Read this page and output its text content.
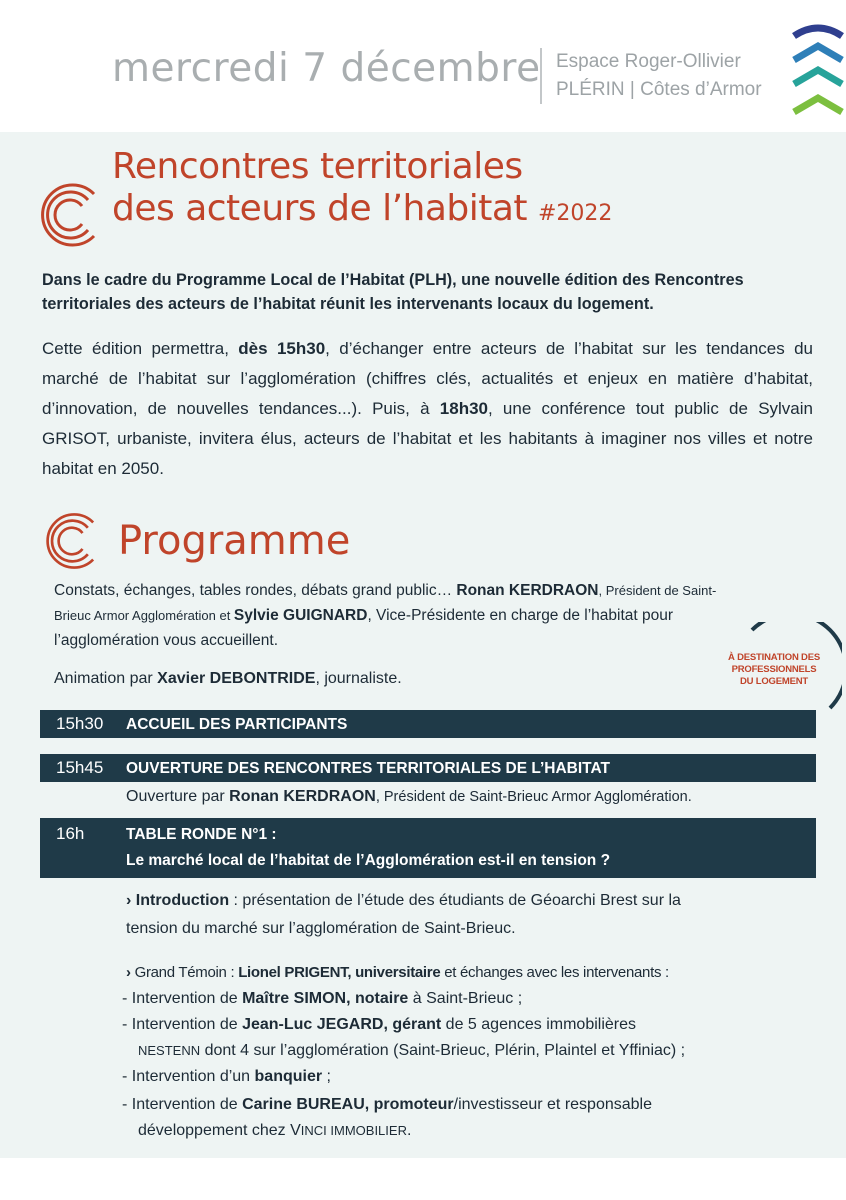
mercredi 7 décembre Espace Roger-Ollivier
PLÉRIN | Côtes d’Armor
Rencontres territoriales
des acteurs de l’habitat #2022
Dans le cadre du Programme Local de l’Habitat (PLH), une nouvelle édition des Rencontres territoriales des acteurs de l’habitat réunit les intervenants locaux du logement.
Cette édition permettra, dès 15h30, d’échanger entre acteurs de l’habitat sur les tendances du marché de l’habitat sur l’agglomération (chiffres clés, actualités et enjeux en matière d’habitat, d’innovation, de nouvelles tendances...). Puis, à 18h30, une conférence tout public de Sylvain GRISOT, urbaniste, invitera élus, acteurs de l’habitat et les habitants à imaginer nos villes et notre habitat en 2050.
Programme
Constats, échanges, tables rondes, débats grand public… Ronan KERDRAON, Président de Saint-Brieuc Armor Agglomération et Sylvie GUIGNARD, Vice-Présidente en charge de l’habitat pour l’agglomération vous accueillent.
Animation par Xavier DEBONTRIDE, journaliste.
À DESTINATION DES PROFESSIONNELS DU LOGEMENT
15h30 ACCUEIL DES PARTICIPANTS
15h45 OUVERTURE DES RENCONTRES TERRITORIALES DE L’HABITAT
Ouverture par Ronan KERDRAON, Président de Saint-Brieuc Armor Agglomération.
16h	TABLE RONDE N°1 :
Le marché local de l’habitat de l’Agglomération est-il en tension ?
› Introduction : présentation de l’étude des étudiants de Géoarchi Brest sur la
tension du marché sur l’agglomération de Saint-Brieuc.
› Grand Témoin : Lionel PRIGENT, universitaire et échanges avec les intervenants :
- Intervention de Maître SIMON, notaire à Saint-Brieuc ;
- Intervention de Jean-Luc JEGARD, gérant de 5 agences immobilières
NESTENN dont 4 sur l’agglomération (Saint-Brieuc, Plérin, Plaintel et Yffiniac) ;
- Intervention d’un banquier ;
- Intervention de Carine BUREAU, promoteur/investisseur et responsable
développement chez VINCI IMMOBILIER.
